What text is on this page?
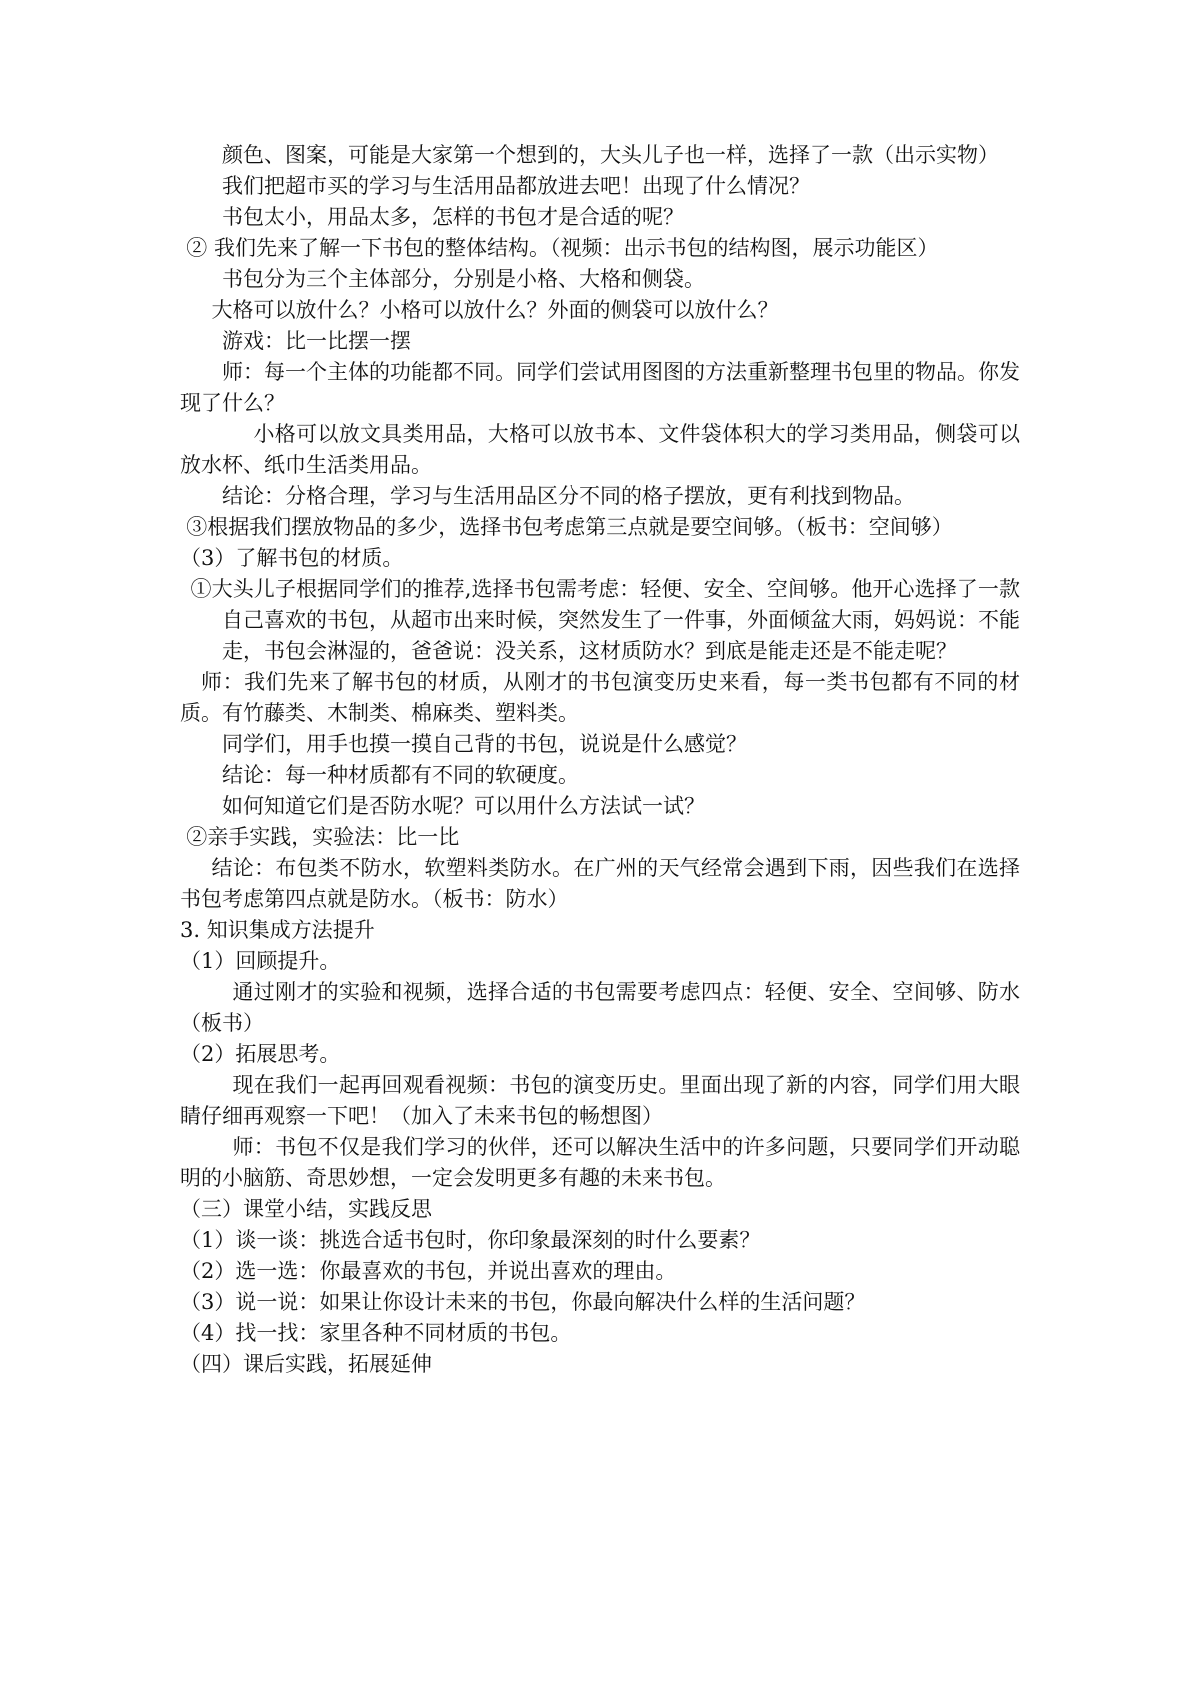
颜色、图案，可能是大家第一个想到的，大头儿子也一样，选择了一款（出示实物）

我们把超市买的学习与生活用品都放进去吧！出现了什么情况？

书包太小，用品太多，怎样的书包才是合适的呢？

② 我们先来了解一下书包的整体结构。（视频：出示书包的结构图，展示功能区）

书包分为三个主体部分，分别是小格、大格和侧袋。

大格可以放什么？小格可以放什么？外面的侧袋可以放什么？

游戏：比一比摆一摆

师：每一个主体的功能都不同。同学们尝试用图图的方法重新整理书包里的物品。你发现了什么？

小格可以放文具类用品，大格可以放书本、文件袋体积大的学习类用品，侧袋可以放水杯、纸巾生活类用品。

结论：分格合理，学习与生活用品区分不同的格子摆放，更有利找到物品。

③根据我们摆放物品的多少，选择书包考虑第三点就是要空间够。（板书：空间够）

（3）了解书包的材质。

①大头儿子根据同学们的推荐,选择书包需考虑：轻便、安全、空间够。他开心选择了一款自己喜欢的书包，从超市出来时候，突然发生了一件事，外面倾盆大雨，妈妈说：不能走，书包会淋湿的，爸爸说：没关系，这材质防水？到底是能走还是不能走呢？

师：我们先来了解书包的材质，从刚才的书包演变历史来看，每一类书包都有不同的材质。有竹藤类、木制类、棉麻类、塑料类。

同学们，用手也摸一摸自己背的书包，说说是什么感觉？

结论：每一种材质都有不同的软硬度。

如何知道它们是否防水呢？可以用什么方法试一试？

②亲手实践，实验法：比一比

结论：布包类不防水，软塑料类防水。在广州的天气经常会遇到下雨，因些我们在选择书包考虑第四点就是防水。（板书：防水）

3. 知识集成方法提升

（1）回顾提升。

通过刚才的实验和视频，选择合适的书包需要考虑四点：轻便、安全、空间够、防水（板书）

（2）拓展思考。

现在我们一起再回观看视频：书包的演变历史。里面出现了新的内容，同学们用大眼睛仔细再观察一下吧！（加入了未来书包的畅想图）

师：书包不仅是我们学习的伙伴，还可以解决生活中的许多问题，只要同学们开动聪明的小脑筋、奇思妙想，一定会发明更多有趣的未来书包。

（三）课堂小结，实践反思

（1）谈一谈：挑选合适书包时，你印象最深刻的时什么要素？

（2）选一选：你最喜欢的书包，并说出喜欢的理由。

（3）说一说：如果让你设计未来的书包，你最向解决什么样的生活问题？

（4）找一找：家里各种不同材质的书包。

（四）课后实践，拓展延伸
